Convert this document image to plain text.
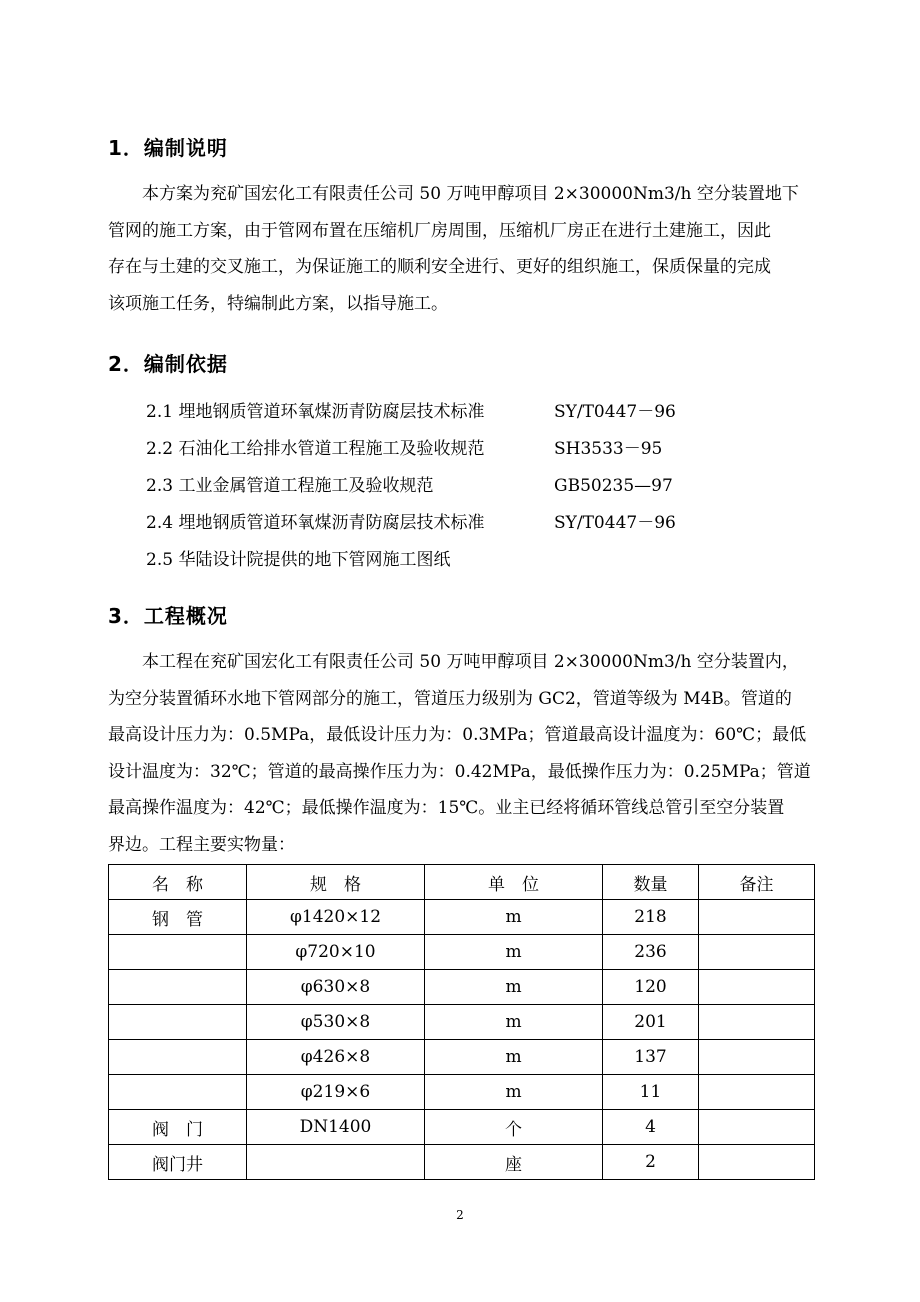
1．编制说明

　　本方案为兖矿国宏化工有限责任公司 50 万吨甲醇项目 2×30000Nm3/h 空分装置地下
管网的施工方案，由于管网布置在压缩机厂房周围，压缩机厂房正在进行土建施工，因此
存在与土建的交叉施工，为保证施工的顺利安全进行、更好的组织施工，保质保量的完成
该项施工任务，特编制此方案，以指导施工。

2．编制依据
2.1 埋地钢质管道环氧煤沥青防腐层技术标准	SY/T0447－96
2.2 石油化工给排水管道工程施工及验收规范	SH3533－95
2.3 工业金属管道工程施工及验收规范	GB50235—97
2.4 埋地钢质管道环氧煤沥青防腐层技术标准	SY/T0447－96
2.5 华陆设计院提供的地下管网施工图纸
3．工程概况

　　本工程在兖矿国宏化工有限责任公司 50 万吨甲醇项目 2×30000Nm3/h 空分装置内，
为空分装置循环水地下管网部分的施工，管道压力级别为 GC2，管道等级为 M4B。管道的
最高设计压力为：0.5MPa，最低设计压力为：0.3MPa；管道最高设计温度为：60℃；最低
设计温度为：32℃；管道的最高操作压力为：0.42MPa，最低操作压力为：0.25MPa；管道
最高操作温度为：42℃；最低操作温度为：15℃。业主已经将循环管线总管引至空分装置
界边。工程主要实物量：

名　称	规　格	单　位	数量	备注
钢　管	φ1420×12	m	218	
	φ720×10	m	236	
	φ630×8	m	120	
	φ530×8	m	201	
	φ426×8	m	137	
	φ219×6	m	11	
阀　门	DN1400	个	4	
阀门井		座	2	
2
